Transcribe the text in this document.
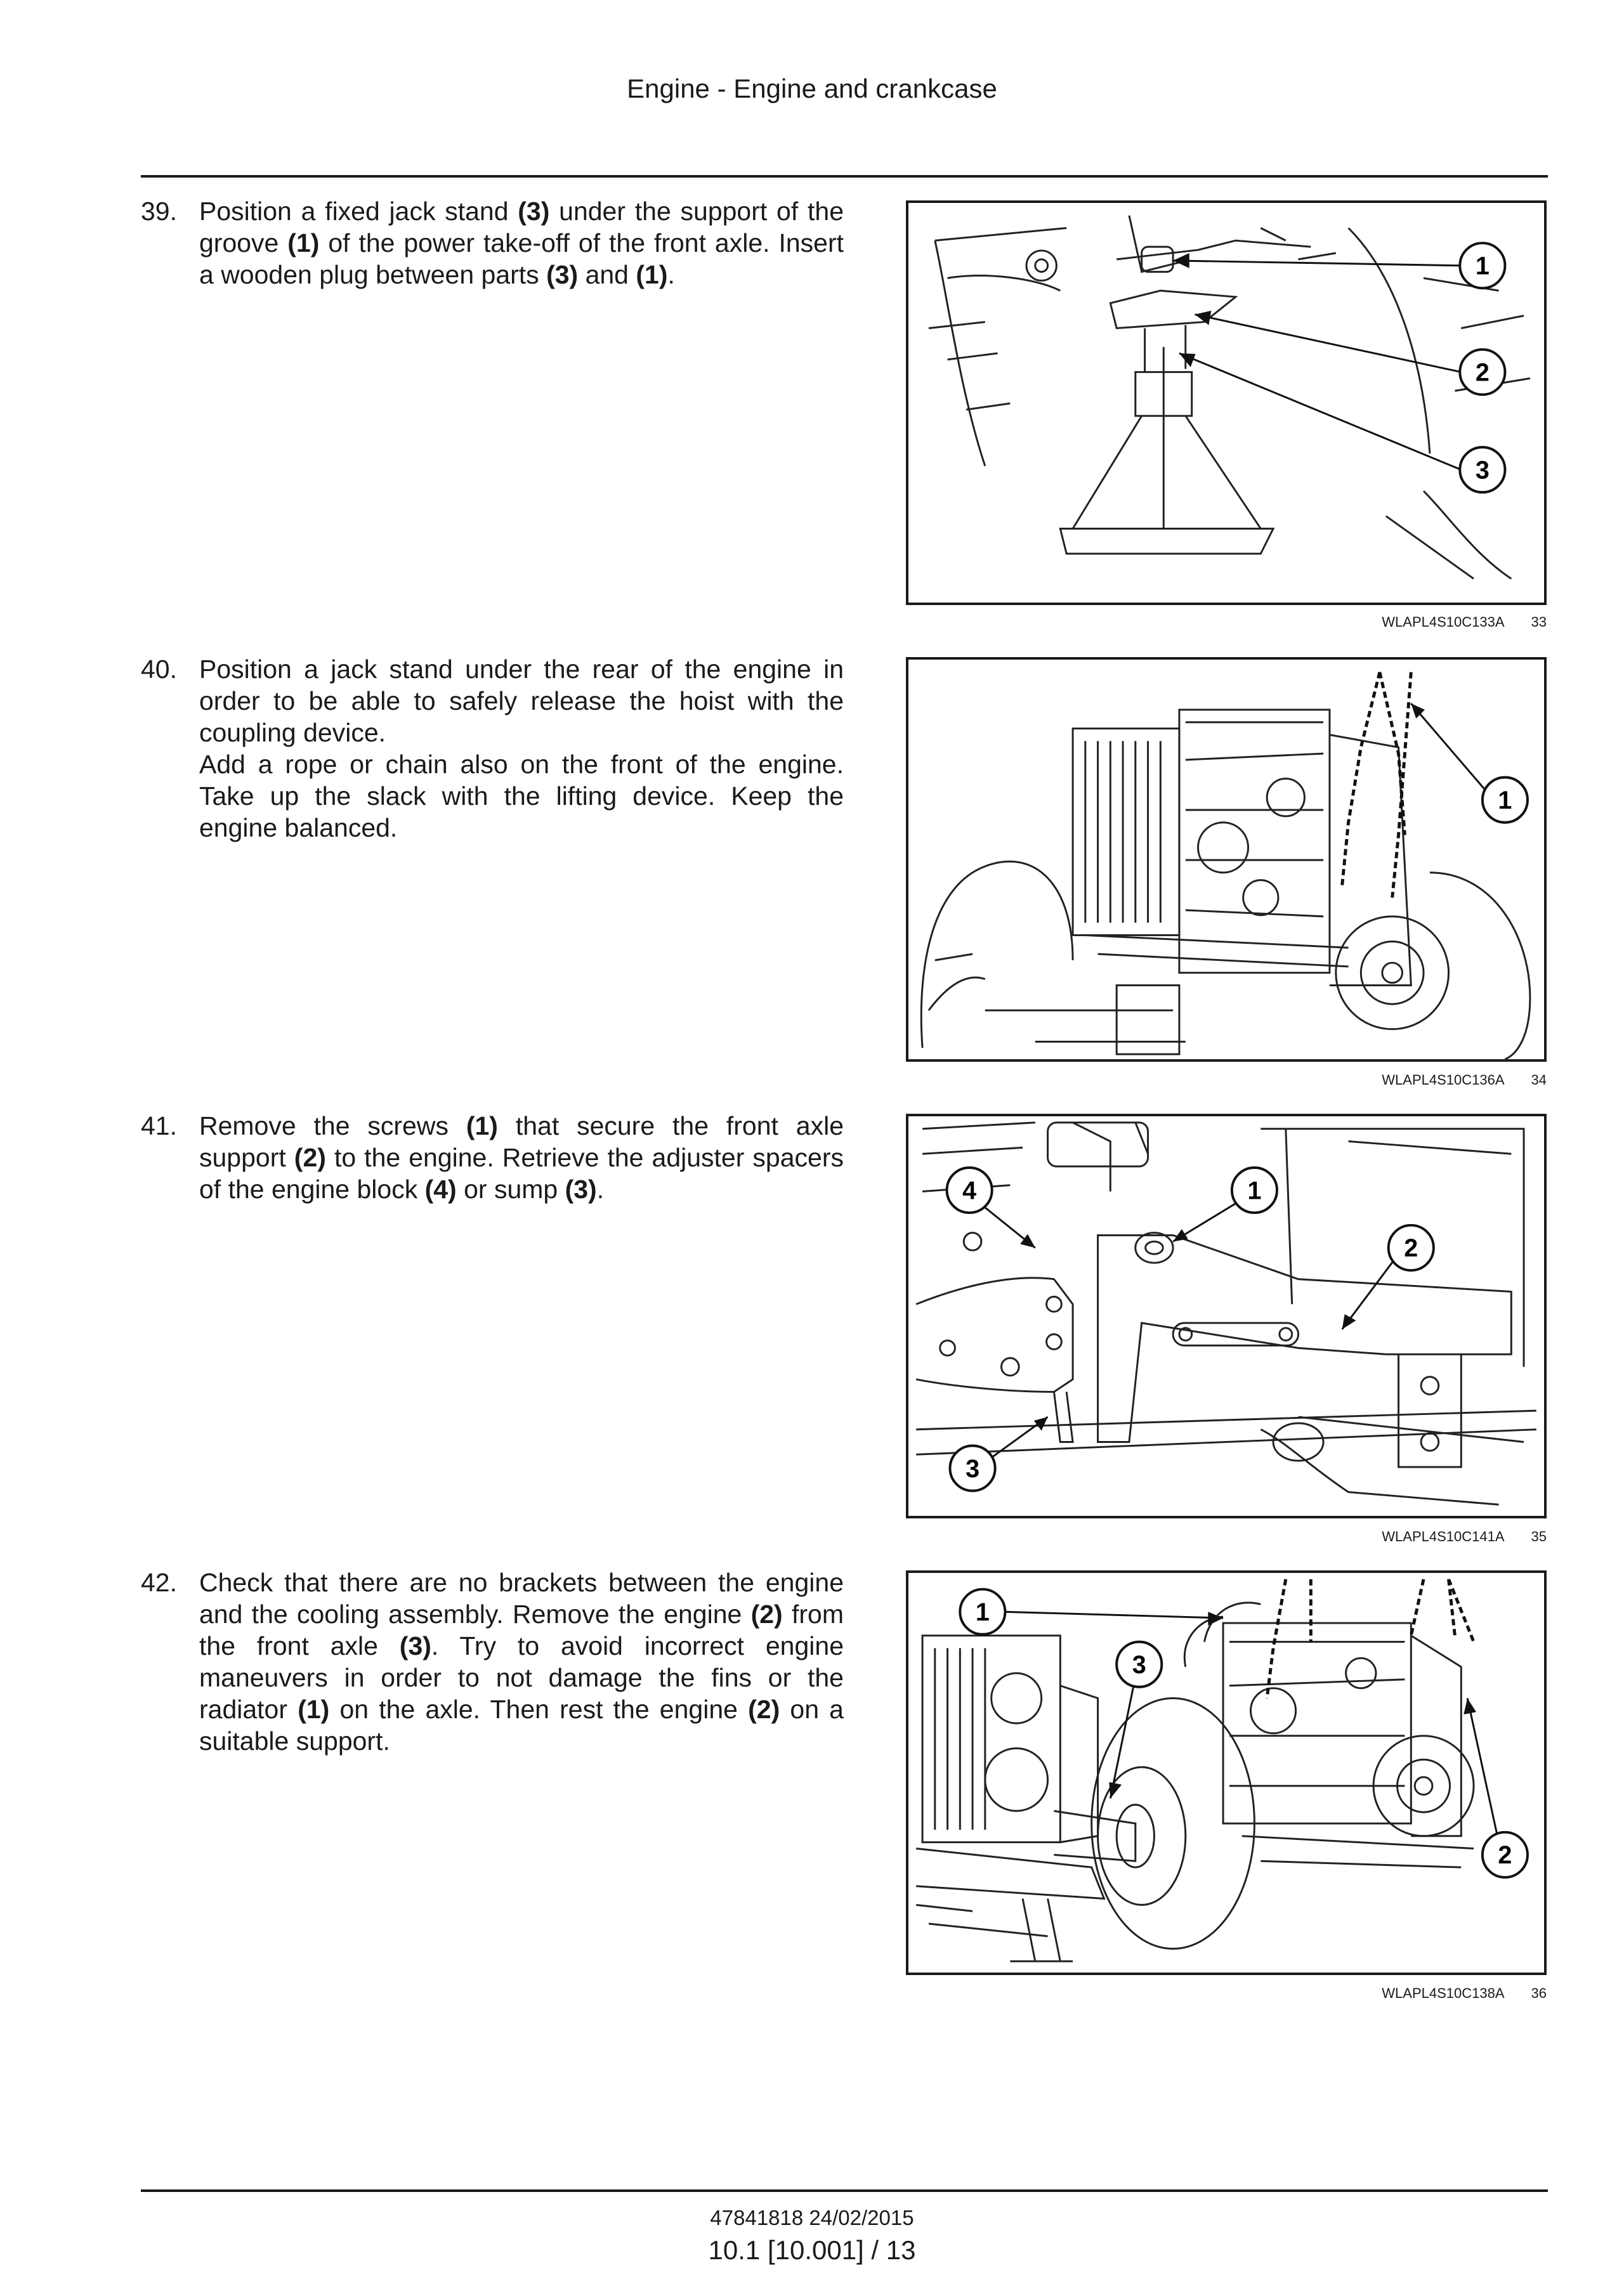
Engine - Engine and crankcase
39. Position a fixed jack stand (3) under the support of the groove (1) of the power take-off of the front axle. Insert a wooden plug between parts (3) and (1).	1
2
3
WLAPL4S10C133A 33
40. Position a jack stand under the rear of the engine in order to be able to safely release the hoist with the coupling device.

Add a rope or chain also on the front of the engine. Take up the slack with the lifting device. Keep the engine balanced.

1
WLAPL4S10C136A 34
41. Remove the screws (1) that secure the front axle support (2) to the engine. Retrieve the adjuster spacers of the engine block (4) or sump (3).	4	1
2
3
WLAPL4S10C141A 35
42. Check that there are no brackets between the engine and the cooling assembly. Remove the engine (2) from the front axle (3). Try to avoid incorrect engine maneuvers in order to not damage the fins or the radiator (1) on the axle. Then rest the engine (2) on a suitable support.
1
3
2
WLAPL4S10C138A 36
47841818 24/02/2015
10.1 [10.001] / 13
